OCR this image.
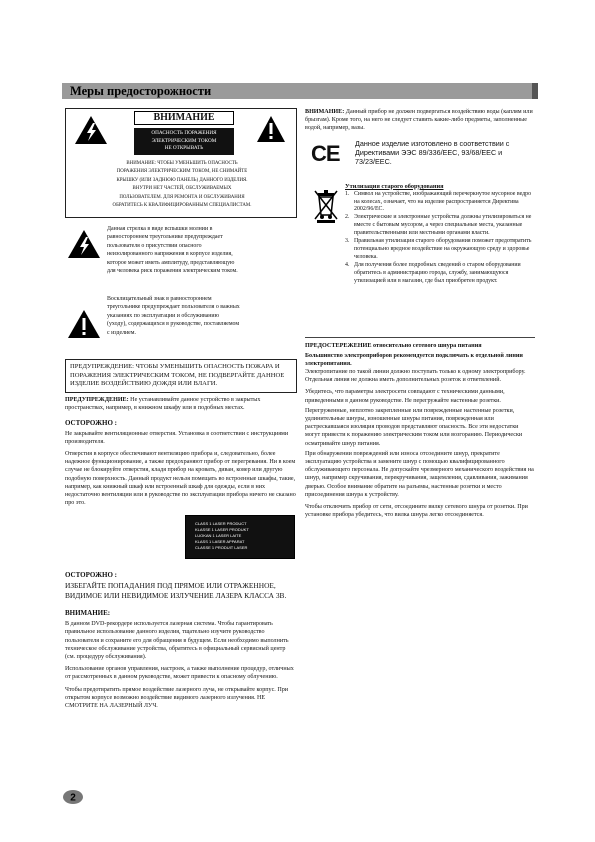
Меры предосторожности
ВНИМАНИЕ
ОПАСНОСТЬ ПОРАЖЕНИЯ
ЭЛЕКТРИЧЕСКИМ ТОКОМ
НЕ ОТКРЫВАТЬ
ВНИМАНИЕ: ЧТОБЫ УМЕНЬШИТЬ ОПАСНОСТЬ
ПОРАЖЕНИЯ ЭЛЕКТРИЧЕСКИМ ТОКОМ, НЕ СНИМАЙТЕ
КРЫШКУ (ИЛИ ЗАДНЮЮ ПАНЕЛЬ) ДАННОГО ИЗДЕЛИЯ.
ВНУТРИ НЕТ ЧАСТЕЙ, ОБСЛУЖИВАЕМЫХ
ПОЛЬЗОВАТЕЛЕМ. ДЛЯ РЕМОНТА И ОБСЛУЖИВАНИЯ
ОБРАТИТЕСЬ К КВАЛИФИЦИРОВАННЫМ СПЕЦИАЛИСТАМ.
Данная стрелка в виде вспышки молнии в
равностороннем треугольнике предупреждает
пользователя о присутствии опасного
неизолированного напряжения в корпусе изделия,
которое может иметь амплитуду, представляющую
для человека риск поражения электрическим током.
Восклицательный знак в равностороннем
треугольнике предупреждает пользователя о важных
указаниях по эксплуатации и обслуживанию
(уходу), содержащихся в руководстве, поставляемом
с изделием.
ПРЕДУПРЕЖДЕНИЕ: ЧТОБЫ УМЕНЬШИТЬ ОПАСНОСТЬ ПОЖАРА И ПОРАЖЕНИЯ ЭЛЕКТРИЧЕСКИМ ТОКОМ, НЕ ПОДВЕРГАЙТЕ ДАННОЕ ИЗДЕЛИЕ ВОЗДЕЙСТВИЮ ДОЖДЯ ИЛИ ВЛАГИ.

ПРЕДУПРЕЖДЕНИЕ: Не устанавливайте данное устройство в закрытых пространствах, например, в книжном шкафу или в подобных местах.

ОСТОРОЖНО :

Не закрывайте вентиляционные отверстия. Установка в соответствии с инструкциями производителя.

Отверстия в корпусе обеспечивают вентиляцию прибора и, следовательно, более надежное функционирование, а также предохраняют прибор от перегревания. Ни в коем случае не блокируйте отверстия, кладя прибор на кровать, диван, ковер или другую подобную поверхность. Данный продукт нельзя помещать во встроенные шкафы, такие, например, как книжный шкаф или встроенный шкаф для одежды, если в них недостаточно вентиляции или в руководстве по эксплуатации прибора ничего не сказано про это.

CLASS 1 LASER PRODUCT
KLASSE 1 LASER PRODUKT
LUOKAN 1 LASER LAITE
KLASS 1 LASER APPARAT
CLASSE 1 PRODUIT LASER
ОСТОРОЖНО :

ИЗБЕГАЙТЕ ПОПАДАНИЯ ПОД ПРЯМОЕ ИЛИ ОТРАЖЕННОЕ, ВИДИМОЕ ИЛИ НЕВИДИМОЕ ИЗЛУЧЕНИЕ ЛАЗЕРА КЛАССА 3B.

ВНИМАНИЕ:

В данном DVD-рекордере используется лазерная система. Чтобы гарантировать правильное использование данного изделия, тщательно изучите руководство пользователя и сохраните его для обращения в будущем. Если необходимо выполнить техническое обслуживание устройства, обратитесь в официальный сервисный центр (см. процедуру обслуживания).

Использование органов управления, настроек, а также выполнение процедур, отличных от рассмотренных в данном руководстве, может привести к опасному облучению.

Чтобы предотвратить прямое воздействие лазерного луча, не открывайте корпус. При открытом корпусе возможно воздействие видимого лазерного излучения. НЕ СМОТРИТЕ НА ЛАЗЕРНЫЙ ЛУЧ.

ВНИМАНИЕ: Данный прибор не должен подвергаться воздействию воды (каплям или брызгам). Кроме того, на него не следует ставить какие-либо предметы, заполненные водой, например, вазы.

CE Данное изделие изготовлено в соответствии с Директивами ЭЭС 89/336/EEC, 93/68/EEC и 73/23/EEC.
Утилизация старого оборудования
1. Символ на устройстве, изображающий перечеркнутое мусорное ведро на колесах, означает, что на изделие распространяется Директива 2002/96/EC.
2. Электрические и электронные устройства должны утилизироваться не вместе с бытовым мусором, а через специальные места, указанные правительственными или местными органами власти.
3. Правильная утилизация старого оборудования поможет предотвратить потенциально вредное воздействие на окружающую среду и здоровье человека.
4. Для получения более подробных сведений о старом оборудовании обратитесь в администрацию города, службу, занимающуюся утилизацией или в магазин, где был приобретен продукт.
ПРЕДОСТЕРЕЖЕНИЕ относительно сетевого шнура питания

Большинство электроприборов рекомендуется подключать к отдельной линии электропитания.

Электропитание по такой линии должно поступать только к одному электроприбору. Отдельная линия не должна иметь дополнительных розеток и ответвлений.

Убедитесь, что параметры электросети совпадают с техническими данными, приведенными в данном руководстве. Не перегружайте настенные розетки.

Перегруженные, неплотно закрепленные или поврежденные настенные розетки, удлинительные шнуры, изношенные шнуры питания, поврежденная или растрескавшаяся изоляция проводов представляют опасность. Все эти недостатки могут привести к поражению электрическим током или возгоранию. Периодически осматривайте шнур питания.

При обнаружении повреждений или износа отсоедините шнур, прекратите эксплуатацию устройства и замените шнур с помощью квалифицированного обслуживающего персонала. Не допускайте чрезмерного механического воздействия на шнур, например скручивания, перекручивания, защемления, сдавливания, зажимания дверью. Особое внимание обратите на разъемы, настенные розетки и место присоединения шнура к устройству.

Чтобы отключить прибор от сети, отсоедините вилку сетевого шнура от розетки. При установке прибора убедитесь, что вилка шнура легко отсоединяется.

2
